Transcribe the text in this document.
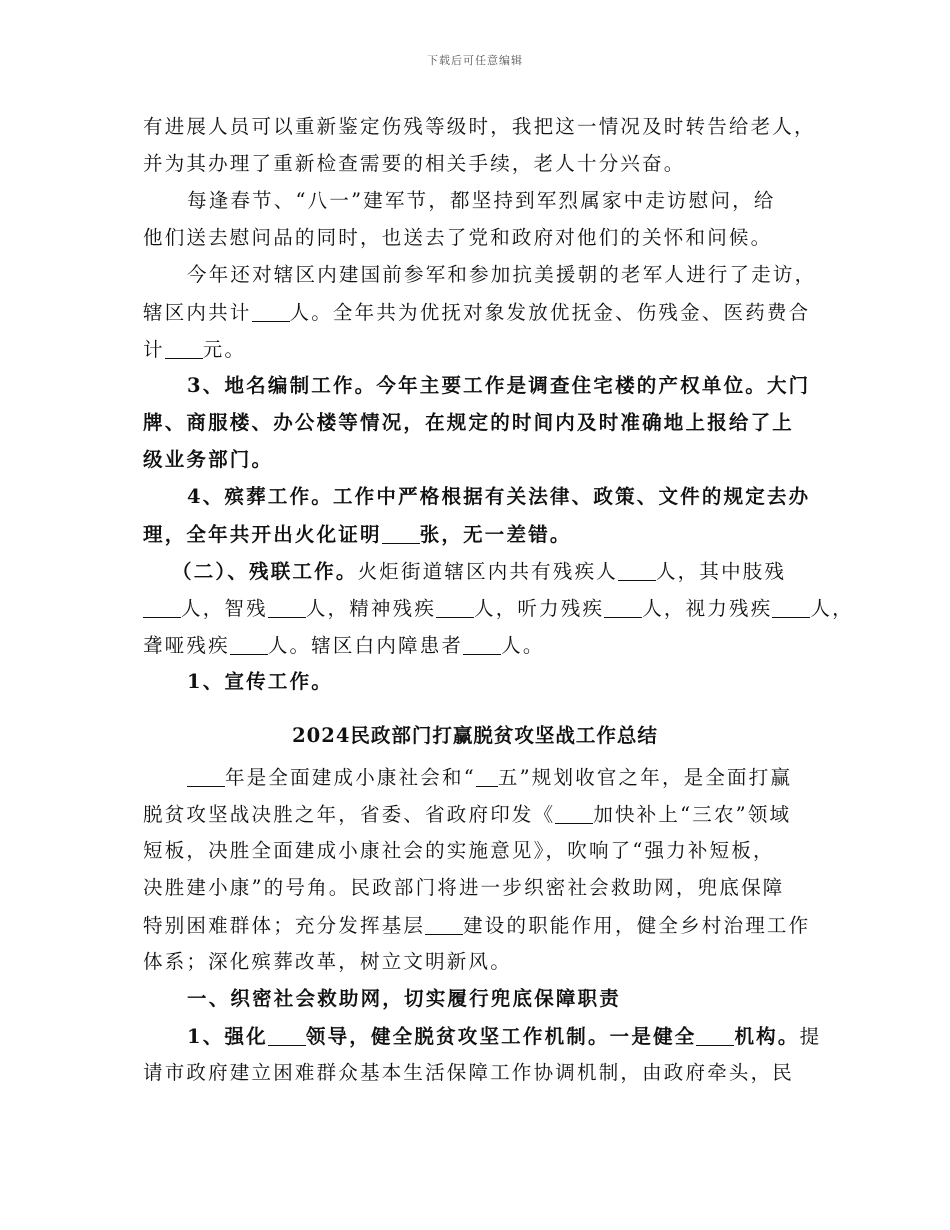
下载后可任意编辑
有进展人员可以重新鉴定伤残等级时，我把这一情况及时转告给老人，
并为其办理了重新检查需要的相关手续，老人十分兴奋。
每逢春节、“八一”建军节，都坚持到军烈属家中走访慰问，给
他们送去慰问品的同时，也送去了党和政府对他们的关怀和问候。
今年还对辖区内建国前参军和参加抗美援朝的老军人进行了走访，
辖区内共计 人。全年共为优抚对象发放优抚金、伤残金、医药费合
计 元。
3、地名编制工作。今年主要工作是调查住宅楼的产权单位。大门
牌、商服楼、办公楼等情况，在规定的时间内及时准确地上报给了上
级业务部门。
4、殡葬工作。工作中严格根据有关法律、政策、文件的规定去办
理，全年共开出火化证明 张，无一差错。
（二）、残联工作。火炬街道辖区内共有残疾人 人，其中肢残
人，智残 人，精神残疾 人，听力残疾 人，视力残疾 人，
聋哑残疾 人。辖区白内障患者 人。
1、宣传工作。
2024民政部门打赢脱贫攻坚战工作总结
年是全面建成小康社会和“ 五”规划收官之年，是全面打赢
脱贫攻坚战决胜之年，省委、省政府印发《 加快补上“三农”领域
短板，决胜全面建成小康社会的实施意见》，吹响了“强力补短板，
决胜建小康”的号角。民政部门将进一步织密社会救助网，兜底保障
特别困难群体；充分发挥基层 建设的职能作用，健全乡村治理工作
体系；深化殡葬改革，树立文明新风。
一、织密社会救助网，切实履行兜底保障职责
1、强化 领导，健全脱贫攻坚工作机制。一是健全 机构。提
请市政府建立困难群众基本生活保障工作协调机制，由政府牵头，民
